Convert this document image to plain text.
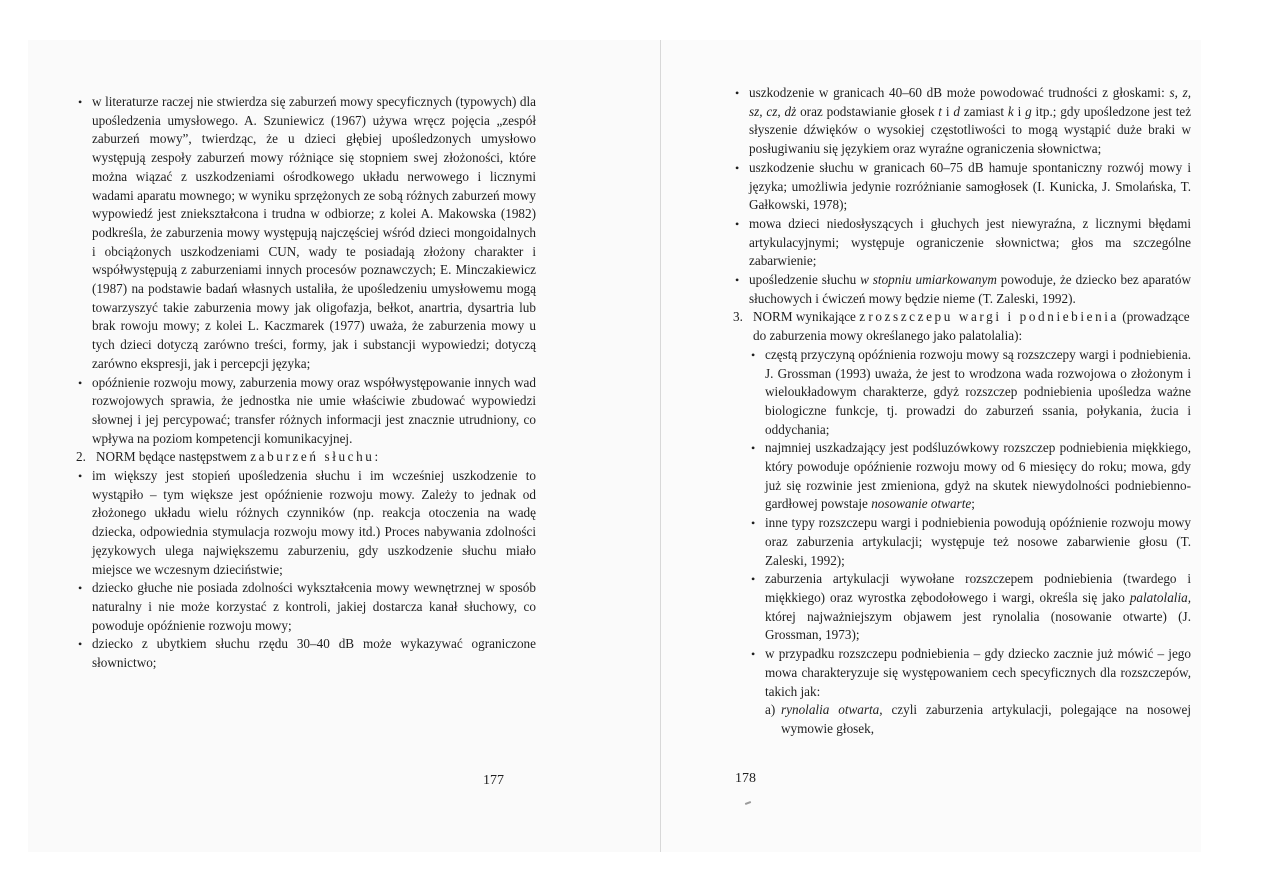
• w literaturze raczej nie stwierdza się zaburzeń mowy specyficznych (typowych) dla upośledzenia umysłowego. A. Szuniewicz (1967) używa wręcz pojęcia „zespół zaburzeń mowy”, twierdząc, że u dzieci głębiej upośledzonych umysłowo występują zespoły zaburzeń mowy różniące się stopniem swej złożoności, które można wiązać z uszkodzeniami ośrodkowego układu nerwowego i licznymi wadami aparatu mownego; w wyniku sprzężonych ze sobą różnych zaburzeń mowy wypowiedź jest zniekształcona i trudna w odbiorze; z kolei A. Makowska (1982) podkreśla, że zaburzenia mowy występują najczęściej wśród dzieci mongoidalnych i obciążonych uszkodzeniami CUN, wady te posiadają złożony charakter i współwystępują z zaburzeniami innych procesów poznawczych; E. Minczakiewicz (1987) na podstawie badań własnych ustaliła, że upośledzeniu umysłowemu mogą towarzyszyć takie zaburzenia mowy jak oligofazja, bełkot, anartria, dysartria lub brak rowoju mowy; z kolei L. Kaczmarek (1977) uważa, że zaburzenia mowy u tych dzieci dotyczą zarówno treści, formy, jak i substancji wypowiedzi; dotyczą zarówno ekspresji, jak i percepcji języka;

• opóźnienie rozwoju mowy, zaburzenia mowy oraz współwystępowanie innych wad rozwojowych sprawia, że jednostka nie umie właściwie zbudować wypowiedzi słownej i jej percypować; transfer różnych informacji jest znacznie utrudniony, co wpływa na poziom kompetencji komunikacyjnej.

2. NORM będące następstwem zaburzeń słuchu:

• im większy jest stopień upośledzenia słuchu i im wcześniej uszkodzenie to wystąpiło – tym większe jest opóźnienie rozwoju mowy. Zależy to jednak od złożonego układu wielu różnych czynników (np. reakcja otoczenia na wadę dziecka, odpowiednia stymulacja rozwoju mowy itd.) Proces nabywania zdolności językowych ulega największemu zaburzeniu, gdy uszkodzenie słuchu miało miejsce we wczesnym dzieciństwie;

• dziecko głuche nie posiada zdolności wykształcenia mowy wewnętrznej w sposób naturalny i nie może korzystać z kontroli, jakiej dostarcza kanał słuchowy, co powoduje opóźnienie rozwoju mowy;

• dziecko z ubytkiem słuchu rzędu 30–40 dB może wykazywać ograniczone słownictwo;

177

• uszkodzenie w granicach 40–60 dB może powodować trudności z głoskami: s, z, sz, cz, dż oraz podstawianie głosek t i d zamiast k i g itp.; gdy upośledzone jest też słyszenie dźwięków o wysokiej częstotliwości to mogą wystąpić duże braki w posługiwaniu się językiem oraz wyraźne ograniczenia słownictwa;

• uszkodzenie słuchu w granicach 60–75 dB hamuje spontaniczny rozwój mowy i języka; umożliwia jedynie rozróżnianie samogłosek (I. Kunicka, J. Smolańska, T. Gałkowski, 1978);

• mowa dzieci niedosłyszących i głuchych jest niewyraźna, z licznymi błędami artykulacyjnymi; występuje ograniczenie słownictwa; głos ma szczególne zabarwienie;

• upośledzenie słuchu w stopniu umiarkowanym powoduje, że dziecko bez aparatów słuchowych i ćwiczeń mowy będzie nieme (T. Zaleski, 1992).

3. NORM wynikające z rozszczepu wargi i podniebienia (prowadzące do zaburzenia mowy określanego jako palatolalia):

• częstą przyczyną opóźnienia rozwoju mowy są rozszczepy wargi i podniebienia. J. Grossman (1993) uważa, że jest to wrodzona wada rozwojowa o złożonym i wieloukładowym charakterze, gdyż rozszczep podniebienia upośledza ważne biologiczne funkcje, tj. prowadzi do zaburzeń ssania, połykania, żucia i oddychania;

• najmniej uszkadzający jest podśluzówkowy rozszczep podniebienia miękkiego, który powoduje opóźnienie rozwoju mowy od 6 miesięcy do roku; mowa, gdy już się rozwinie jest zmieniona, gdyż na skutek niewydolności podniebienno-gardłowej powstaje nosowanie otwarte;

• inne typy rozszczepu wargi i podniebienia powodują opóźnienie rozwoju mowy oraz zaburzenia artykulacji; występuje też nosowe zabarwienie głosu (T. Zaleski, 1992);

• zaburzenia artykulacji wywołane rozszczepem podniebienia (twardego i miękkiego) oraz wyrostka zębodołowego i wargi, określa się jako palatolalia, której najważniejszym objawem jest rynolalia (nosowanie otwarte) (J. Grossman, 1973);

• w przypadku rozszczepu podniebienia – gdy dziecko zacznie już mówić – jego mowa charakteryzuje się występowaniem cech specyficznych dla rozszczepów, takich jak:

a) rynolalia otwarta, czyli zaburzenia artykulacji, polegające na nosowej wymowie głosek,

178
